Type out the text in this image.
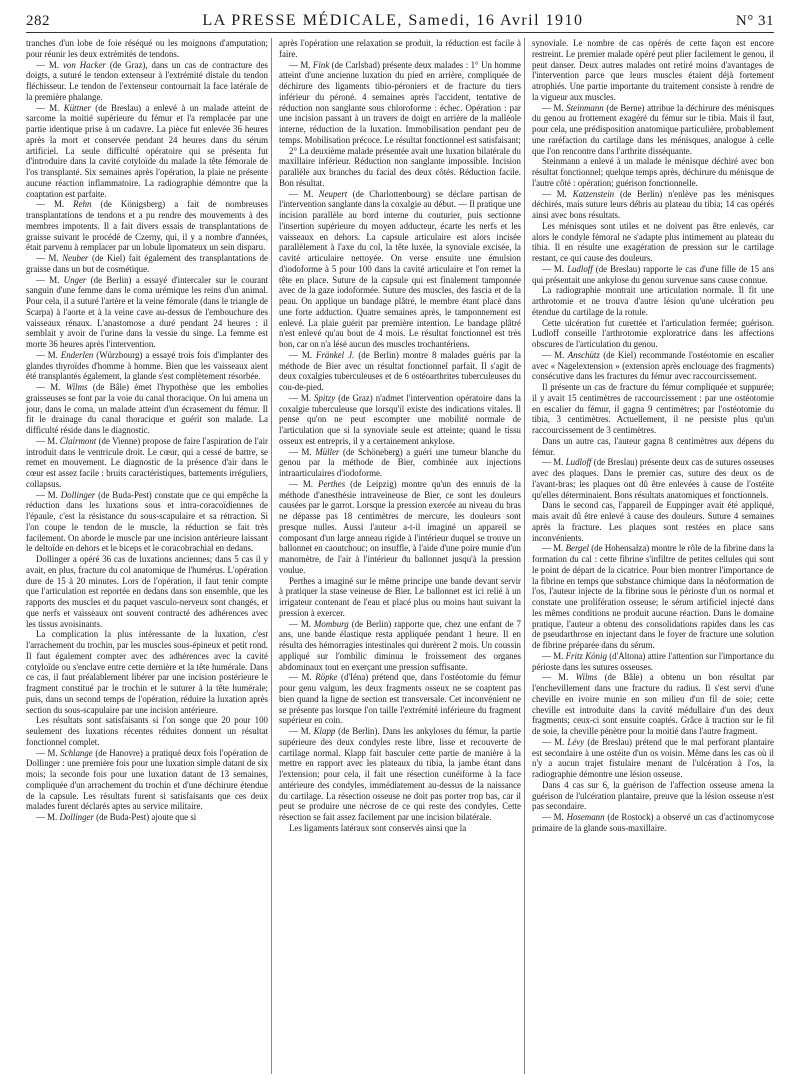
282	LA PRESSE MÉDICALE, Samedi, 16 Avril 1910	N° 31

tranches d'un lobe de foie réséqué ou les moignons d'amputation; pour réunir les deux extrémités de tendons.

— M. von Hacker (de Graz), dans un cas de contracture des doigts, a suturé le tendon extenseur à l'extrémité distale du tendon fléchisseur. Le tendon de l'extenseur contournait la face latérale de la première phalange.

— M. Küttner (de Breslau) a enlevé à un malade atteint de sarcome la moitié supérieure du fémur et l'a remplacée par une partie identique prise à un cadavre. La pièce fut enlevée 36 heures après la mort et conservée pendant 24 heures dans du sérum artificiel. La seule difficulté opératoire qui se présenta fut d'introduire dans la cavité cotyloïde du malade la tête fémorale de l'os transplanté. Six semaines après l'opération, la plaie ne présente aucune réaction inflammatoire. La radiographie démontre que la coaptation est parfaite.

— M. Rehn (de Königsberg) a fait de nombreuses transplantations de tendons et a pu rendre des mouvements à des membres impotents. Il a fait divers essais de transplantations de graisse suivant le procédé de Czerny, qui, il y a nombre d'années, était parvenu à remplacer par un lobule lipomateux un sein disparu.

— M. Neuber (de Kiel) fait également des transplantations de graisse dans un but de cosmétique.

— M. Unger (de Berlin) a essayé d'intercaler sur le courant sanguin d'une femme dans le coma urémique les reins d'un animal. Pour cela, il a suturé l'artère et la veine fémorale (dans le triangle de Scarpa) à l'aorte et à la veine cave au-dessus de l'embouchure des vaisseaux rénaux. L'anastomose a duré pendant 24 heures : il semblait y avoir de l'urine dans la vessie du singe. La femme est morte 36 heures après l'intervention.

— M. Enderlen (Würzbourg) a essayé trois fois d'implanter des glandes thyroïdes d'homme à homme. Bien que les vaisseaux aient été transplantés également, la glande s'est complètement résorbée.

— M. Wilms (de Bâle) émet l'hypothèse que les embolies graisseuses se font par la voie du canal thoracique. On lui amena un jour, dans le coma, un malade atteint d'un écrasement du fémur. Il fit le drainage du canal thoracique et guérit son malade. La difficulté réside dans le diagnostic.

— M. Clairmont (de Vienne) propose de faire l'aspiration de l'air introduit dans le ventricule droit. Le cœur, qui a cessé de battre, se remet en mouvement. Le diagnostic de la présence d'air dans le cœur est assez facile : bruits caractéristiques, battements irréguliers, collapsus.

— M. Dollinger (de Buda-Pest) constate que ce qui empêche la réduction dans les luxations sous et intra-coracoïdiennes de l'épaule, c'est la résistance du sous-scapulaire et sa rétraction. Si l'on coupe le tendon de le muscle, la réduction se fait très facilement. On aborde le muscle par une incision antérieure laissant le deltoïde en dehors et le biceps et le coracobrachial en dedans.

Dollinger a opéré 36 cas de luxations anciennes; dans 5 cas il y avait, en plus, fracture du col anatomique de l'humérus. L'opération dure de 15 à 20 minutes. Lors de l'opération, il faut tenir compte que l'articulation est reportée en dedans dans son ensemble, que les rapports des muscles et du paquet vasculo-nerveux sont changés, et que nerfs et vaisseaux ont souvent contracté des adhérences avec les tissus avoisinants.

La complication la plus intéressante de la luxation, c'est l'arrachement du trochin, par les muscles sous-épineux et petit rond. Il faut également compter avec des adhérences avec la cavité cotyloïde ou s'enclave entre cette dernière et la tête humérale. Dans ce cas, il faut préalablement libérer par une incision postérieure le fragment constitué par le trochin et le suturer à la tête humérale; puis, dans un second temps de l'opération, réduire la luxation après section du sous-scapulaire par une incision antérieure.

Les résultats sont satisfaisants si l'on songe que 20 pour 100 seulement des luxations récentes réduites donnent un résultat fonctionnel complet.

— M. Schlange (de Hanovre) a pratiqué deux fois l'opération de Dollinger : une première fois pour une luxation simple datant de six mois; la seconde fois pour une luxation datant de 13 semaines, compliquée d'un arrachement du trochin et d'une déchirure étendue de la capsule. Les résultats furent si satisfaisants que ces deux malades furent déclarés aptes au service militaire.

— M. Dollinger (de Buda-Pest) ajoute que si

après l'opération une relaxation se produit, la réduction est facile à faire.

— M. Fink (de Carlsbad) présente deux malades : 1° Un homme atteint d'une ancienne luxation du pied en arrière, compliquée de déchirure des ligaments tibio-péroniers et de fracture du tiers inférieur du péroné. 4 semaines après l'accident, tentative de réduction non sanglante sous chloroforme : échec. Opération : par une incision passant à un travers de doigt en arrière de la malléole interne, réduction de la luxation. Immobilisation pendant peu de temps. Mobilisation précoce. Le résultat fonctionnel est satisfaisant;

2° La deuxième malade présentée avait une luxation bilatérale du maxillaire inférieur. Réduction non sanglante impossible. Incision parallèle aux branches du facial des deux côtés. Réduction facile. Bon résultat.

— M. Neupert (de Charlottenbourg) se déclare partisan de l'intervention sanglante dans la coxalgie au début. — Il pratique une incision parallèle au bord interne du couturier, puis sectionne l'insertion supérieure du moyen adducteur, écarte les nerfs et les vaisseaux en dehors. La capsule articulaire est alors incisée parallèlement à l'axe du col, la tête luxée, la synoviale excisée, la cavité articulaire nettoyée. On verse ensuite une émulsion d'iodoforme à 5 pour 100 dans la cavité articulaire et l'on remet la tête en place. Suture de la capsule qui est finalement tamponnée avec de la gaze iodoformée. Suture des muscles, des fascia et de la peau. On applique un bandage plâtré, le membre étant placé dans une forte adduction. Quatre semaines après, le tamponnement est enlevé. La plaie guérit par première intention. Le bandage plâtré n'est enlevé qu'au bout de 4 mois. Le résultat fonctionnel est très bon, car on n'a lésé aucun des muscles trochantériens.

— M. Fränkel J. (de Berlin) montre 8 malades guéris par la méthode de Bier avec un résultat fonctionnel parfait. Il s'agit de deux coxalgies tuberculeuses et de 6 ostéoarthrites tuberculeuses du cou-de-pied.

— M. Spitzy (de Graz) n'admet l'intervention opératoire dans la coxalgie tuberculeuse que lorsqu'il existe des indications vitales. Il pense qu'on ne peut escompter une mobilité normale de l'articulation que si la synoviale seule est atteinte; quand le tissu osseux est entrepris, il y a certainement ankylose.

— M. Müller (de Schöneberg) a guéri une tumeur blanche du genou par la méthode de Bier, combinée aux injections intraarticulaires d'iodoforme.

— M. Perthes (de Leipzig) montre qu'un des ennuis de la méthode d'anesthésie intraveineuse de Bier, ce sont les douleurs causées par le garrot. Lorsque la pression exercée au niveau du bras ne dépasse pas 18 centimètres de mercure, les douleurs sont presque nulles. Aussi l'auteur a-t-il imaginé un appareil se composant d'un large anneau rigide à l'intérieur duquel se trouve un ballonnet en caoutchouc; on insuffle, à l'aide d'une poire munie d'un manomètre, de l'air à l'intérieur du ballonnet jusqu'à la pression voulue.

Perthes a imaginé sur le même principe une bande devant servir à pratiquer la stase veineuse de Bier. Le ballonnet est ici relié à un irrigateur contenant de l'eau et placé plus ou moins haut suivant la pression à exercer.

— M. Momburg (de Berlin) rapporte que, chez une enfant de 7 ans, une bande élastique resta appliquée pendant 1 heure. Il en résulta des hémorragies intestinales qui durèrent 2 mois. Un coussin appliqué sur l'ombilic diminua le froissement des organes abdominaux tout en exerçant une pression suffisante.

— M. Röpke (d'Iéna) prétend que, dans l'ostéotomie du fémur pour genu valgum, les deux fragments osseux ne se coaptent pas bien quand la ligne de section est transversale. Cet inconvénient ne se présente pas lorsque l'on taille l'extrémité inférieure du fragment supérieur en coin.

— M. Klapp (de Berlin). Dans les ankyloses du fémur, la partie supérieure des deux condyles reste libre, lisse et recouverte de cartilage normal. Klapp fait basculer cette partie de manière à la mettre en rapport avec les plateaux du tibia, la jambe étant dans l'extension; pour cela, il fait une résection cunéiforme à la face antérieure des condyles, immédiatement au-dessus de la naissance du cartilage. La résection osseuse ne doit pas porter trop bas, car il peut se produire une nécrose de ce qui reste des condyles. Cette résection se fait assez facilement par une incision bilatérale.

Les ligaments latéraux sont conservés ainsi que la

synoviale. Le nombre de cas opérés de cette façon est encore restreint. Le premier malade opéré peut plier facilement le genou, il peut danser. Deux autres malades ont retiré moins d'avantages de l'intervention parce que leurs muscles étaient déjà fortement atrophiés. Une partie importante du traitement consiste à rendre de la vigueur aux muscles.

— M. Steinmann (de Berne) attribue la déchirure des ménisques du genou au frottement exagéré du fémur sur le tibia. Mais il faut, pour cela, une prédisposition anatomique particulière, probablement une raréfaction du cartilage dans les ménisques, analogue à celle que l'on rencontre dans l'arthrite disséquante.

Steinmann a enlevé à un malade le ménisque déchiré avec bon résultat fonctionnel; quelque temps après, déchirure du ménisque de l'autre côté : opération; guérison fonctionnelle.

— M. Katzenstein (de Berlin) n'enlève pas les ménisques déchirés, mais suture leurs débris au plateau du tibia; 14 cas opérés ainsi avec bons résultats.

Les ménisques sont utiles et ne doivent pas être enlevés, car alors le condyle fémoral ne s'adapte plus intimement au plateau du tibia. Il en résulte une exagération de pression sur le cartilage restant, ce qui cause des douleurs.

— M. Ludloff (de Breslau) rapporte le cas d'une fille de 15 ans qui présentait une ankylose du genou survenue sans cause connue.

La radiographie montrait une articulation normale. Il fit une arthrotomie et ne trouva d'autre lésion qu'une ulcération peu étendue du cartilage de la rotule.

Cette ulcération fut curettée et l'articulation fermée; guérison. Ludloff conseille l'arthrotomie exploratrice dans les affections obscures de l'articulation du genou.

— M. Anschütz (de Kiel) recommande l'ostéotomie en escalier avec « Nagelextension » (extension après enclouage des fragments) consécutive dans les fractures du fémur avec raccourcissement.

Il présente un cas de fracture du fémur compliquée et suppurée; il y avait 15 centimètres de raccourcissement : par une ostéotomie en escalier du fémur, il gagna 9 centimètres; par l'ostéotomie du tibia, 3 centimètres. Actuellement, il ne persiste plus qu'un raccourcissement de 3 centimètres.

Dans un autre cas, l'auteur gagna 8 centimètres aux dépens du fémur.

— M. Ludloff (de Breslau) présente deux cas de sutures osseuses avec des plaques. Dans le premier cas, suture des deux os de l'avant-bras; les plaques ont dû être enlevées à cause de l'ostéite qu'elles déterminaient. Bons résultats anatomiques et fonctionnels.

Dans le second cas, l'appareil de Euppinger avait été appliqué, mais avait dû être enlevé à cause des douleurs. Suture 4 semaines après la fracture. Les plaques sont restées en place sans inconvénients.

— M. Bergel (de Hohensalza) montre le rôle de la fibrine dans la formation du cal : cette fibrine s'infiltre de petites cellules qui sont le point de départ de la cicatrice. Pour bien montrer l'importance de la fibrine en temps que substance chimique dans la néoformation de l'os, l'auteur injecte de la fibrine sous le périoste d'un os normal et constate une prolifération osseuse; le sérum artificiel injecté dans les mêmes conditions ne produit aucune réaction. Dans le domaine pratique, l'auteur a obtenu des consolidations rapides dans les cas de pseudarthrose en injectant dans le foyer de fracture une solution de fibrine préparée dans du sérum.

— M. Fritz König (d'Altona) attire l'attention sur l'importance du périoste dans les sutures osseuses.

— M. Wilms (de Bâle) a obtenu un bon résultat par l'enchevillement dans une fracture du radius. Il s'est servi d'une cheville en ivoire munie en son milieu d'un fil de soie; cette cheville est introduite dans la cavité médullaire d'un des deux fragments; ceux-ci sont ensuite coaptés. Grâce à traction sur le fil de soie, la cheville pénètre pour la moitié dans l'autre fragment.

— M. Lévy (de Breslau) prétend que le mal perforant plantaire est secondaire à une ostéite d'un os voisin. Même dans les cas où il n'y a aucun trajet fistulaire menant de l'ulcération à l'os, la radiographie démontre une lésion osseuse.

Dans 4 cas sur 6, la guérison de l'affection osseuse amena la guérison de l'ulcération plantaire, preuve que la lésion osseuse n'est pas secondaire.

— M. Hosemann (de Rostock) a observé un cas d'actinomycose primaire de la glande sous-maxillaire.
